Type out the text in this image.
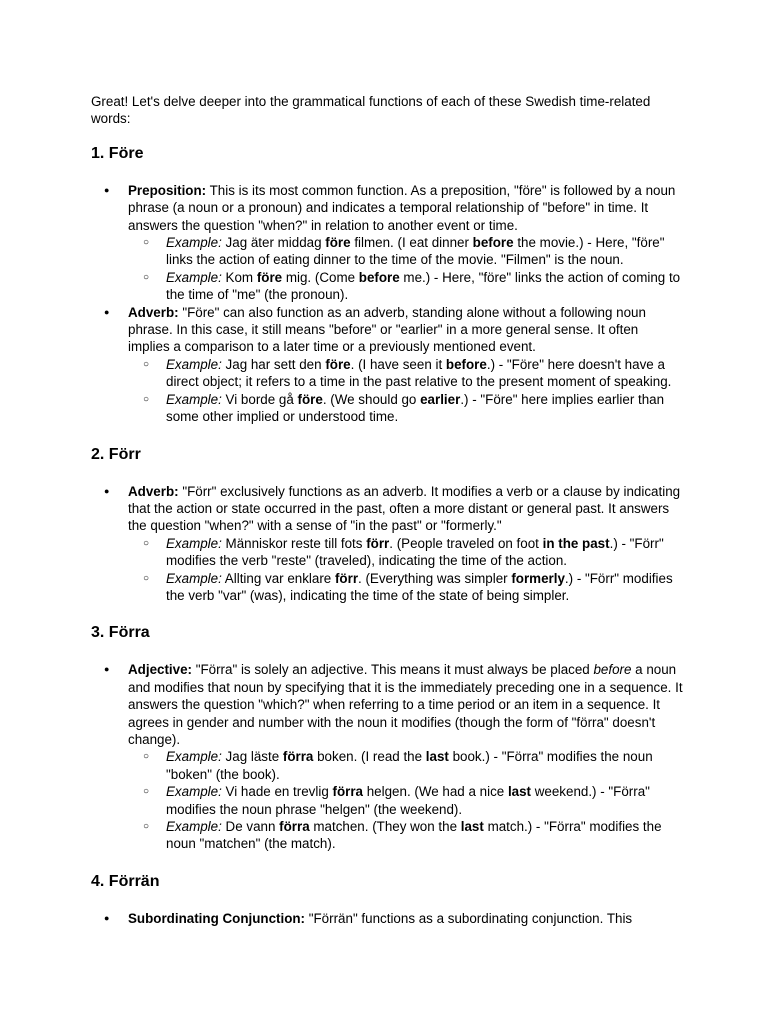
Great! Let's delve deeper into the grammatical functions of each of these Swedish time-related words:

1. Före
● Preposition: This is its most common function. As a preposition, "före" is followed by a noun phrase (a noun or a pronoun) and indicates a temporal relationship of "before" in time. It answers the question "when?" in relation to another event or time.
○ Example: Jag äter middag före filmen. (I eat dinner before the movie.) - Here, "före" links the action of eating dinner to the time of the movie. "Filmen" is the noun.
○ Example: Kom före mig. (Come before me.) - Here, "före" links the action of coming to the time of "me" (the pronoun).
● Adverb: "Före" can also function as an adverb, standing alone without a following noun phrase. In this case, it still means "before" or "earlier" in a more general sense. It often implies a comparison to a later time or a previously mentioned event.
○ Example: Jag har sett den före. (I have seen it before.) - "Före" here doesn't have a direct object; it refers to a time in the past relative to the present moment of speaking.
○ Example: Vi borde gå före. (We should go earlier.) - "Före" here implies earlier than some other implied or understood time.
2. Förr
● Adverb: "Förr" exclusively functions as an adverb. It modifies a verb or a clause by indicating that the action or state occurred in the past, often a more distant or general past. It answers the question "when?" with a sense of "in the past" or "formerly."
○ Example: Människor reste till fots förr. (People traveled on foot in the past.) - "Förr" modifies the verb "reste" (traveled), indicating the time of the action.
○ Example: Allting var enklare förr. (Everything was simpler formerly.) - "Förr" modifies the verb "var" (was), indicating the time of the state of being simpler.
3. Förra
● Adjective: "Förra" is solely an adjective. This means it must always be placed before a noun and modifies that noun by specifying that it is the immediately preceding one in a sequence. It answers the question "which?" when referring to a time period or an item in a sequence. It agrees in gender and number with the noun it modifies (though the form of "förra" doesn't change).
○ Example: Jag läste förra boken. (I read the last book.) - "Förra" modifies the noun "boken" (the book).
○ Example: Vi hade en trevlig förra helgen. (We had a nice last weekend.) - "Förra" modifies the noun phrase "helgen" (the weekend).
○ Example: De vann förra matchen. (They won the last match.) - "Förra" modifies the noun "matchen" (the match).
4. Förrän
● Subordinating Conjunction: "Förrän" functions as a subordinating conjunction. This
